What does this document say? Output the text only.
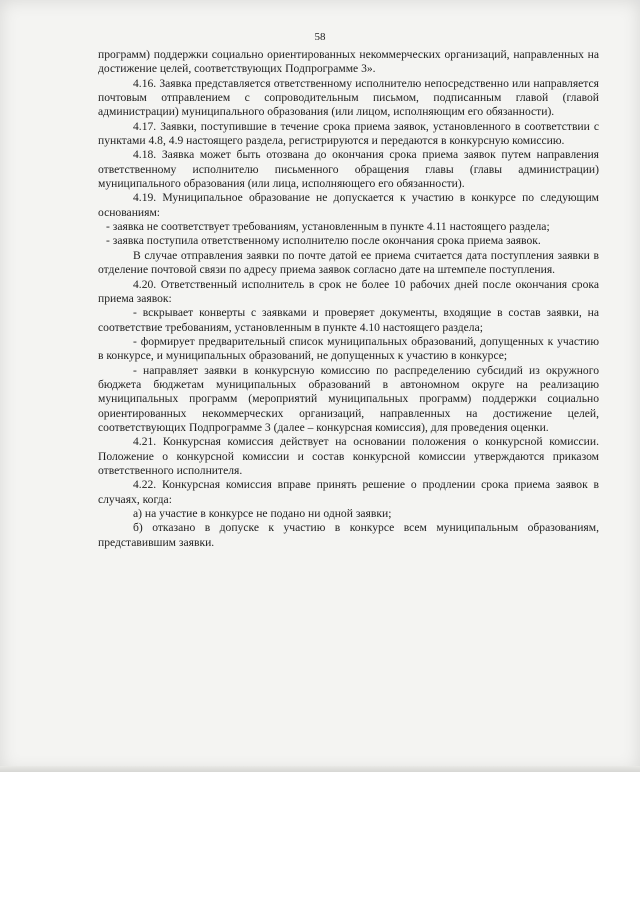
58

программ) поддержки социально ориентированных некоммерческих организаций, направленных на достижение целей, соответствующих Подпрограмме 3».

4.16. Заявка представляется ответственному исполнителю непосредственно или направляется почтовым отправлением с сопроводительным письмом, подписанным главой (главой администрации) муниципального образования (или лицом, исполняющим его обязанности).

4.17. Заявки, поступившие в течение срока приема заявок, установленного в соответствии с пунктами 4.8, 4.9 настоящего раздела, регистрируются и передаются в конкурсную комиссию.

4.18. Заявка может быть отозвана до окончания срока приема заявок путем направления ответственному исполнителю письменного обращения главы (главы администрации) муниципального образования (или лица, исполняющего его обязанности).

4.19. Муниципальное образование не допускается к участию в конкурсе по следующим основаниям:

- заявка не соответствует требованиям, установленным в пункте 4.11 настоящего раздела;

- заявка поступила ответственному исполнителю после окончания срока приема заявок.

В случае отправления заявки по почте датой ее приема считается дата поступления заявки в отделение почтовой связи по адресу приема заявок согласно дате на штемпеле поступления.

4.20. Ответственный исполнитель в срок не более 10 рабочих дней после окончания срока приема заявок:

- вскрывает конверты с заявками и проверяет документы, входящие в состав заявки, на соответствие требованиям, установленным в пункте 4.10 настоящего раздела;

- формирует предварительный список муниципальных образований, допущенных к участию в конкурсе, и муниципальных образований, не допущенных к участию в конкурсе;

- направляет заявки в конкурсную комиссию по распределению субсидий из окружного бюджета бюджетам муниципальных образований в автономном округе на реализацию муниципальных программ (мероприятий муниципальных программ) поддержки социально ориентированных некоммерческих организаций, направленных на достижение целей, соответствующих Подпрограмме 3 (далее – конкурсная комиссия), для проведения оценки.

4.21. Конкурсная комиссия действует на основании положения о конкурсной комиссии. Положение о конкурсной комиссии и состав конкурсной комиссии утверждаются приказом ответственного исполнителя.

4.22. Конкурсная комиссия вправе принять решение о продлении срока приема заявок в случаях, когда:

а) на участие в конкурсе не подано ни одной заявки;

б) отказано в допуске к участию в конкурсе всем муниципальным образованиям, представившим заявки.
